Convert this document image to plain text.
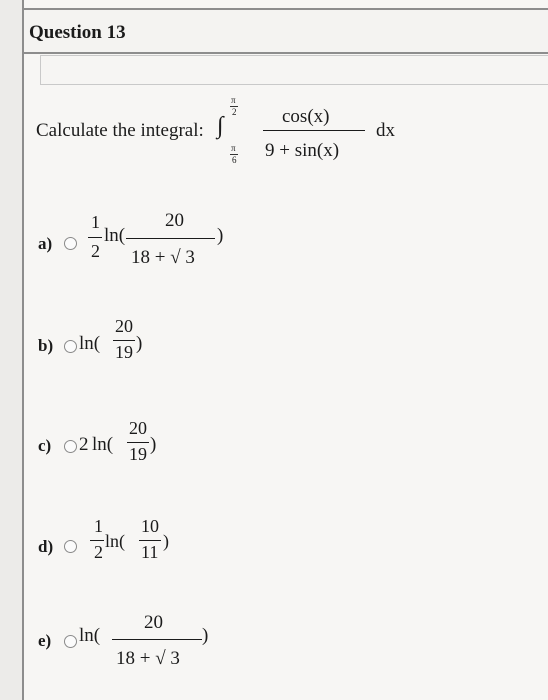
Question 13
Calculate the integral: ∫
π
2
π
6
cos(x)
9 + sin(x)
dx
a)
1
2
ln(
20
18 + √ 3
)
b) ln(
20
19 )
c) 2 ln(
20
19 )
d)
1
2
ln(
10
11
)
e) ln(
20
18 + √ 3
)
